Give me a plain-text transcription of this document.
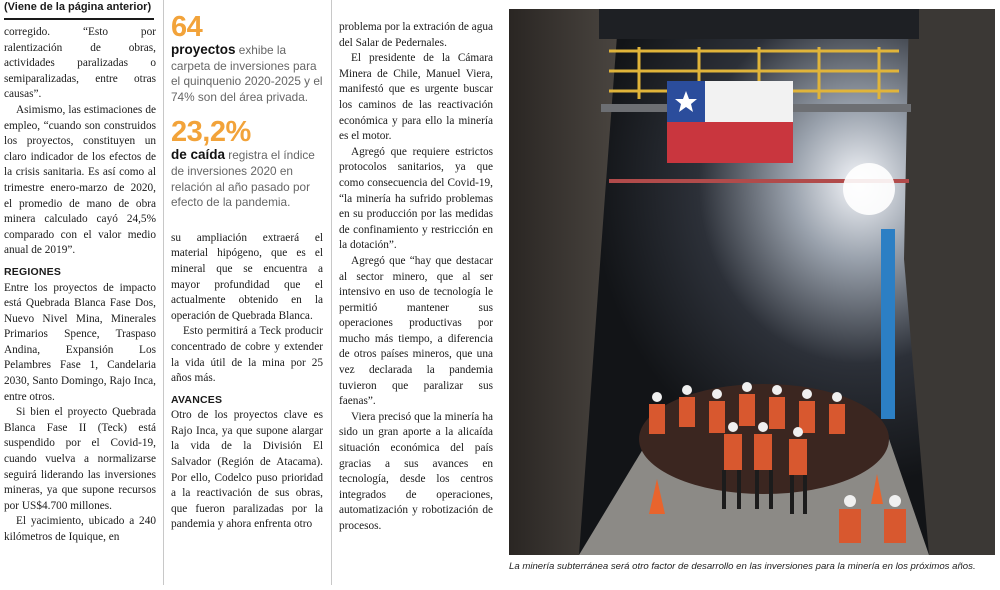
(Viene de la página anterior)

corregido. “Esto por ralentización de obras, actividades paralizadas o semiparalizadas, entre otras causas”.

Asimismo, las estimaciones de empleo, “cuando son construidos los proyectos, constituyen un claro indicador de los efectos de la crisis sanitaria. Es así como al trimestre enero-marzo de 2020, el promedio de mano de obra minera calculado cayó 24,5% comparado con el valor medio anual de 2019”.

REGIONES

Entre los proyectos de impacto está Quebrada Blanca Fase Dos, Nuevo Nivel Mina, Minerales Primarios Spence, Traspaso Andina, Expansión Los Pelambres Fase 1, Candelaria 2030, Santo Domingo, Rajo Inca, entre otros.

Si bien el proyecto Quebrada Blanca Fase II (Teck) está suspendido por el Covid-19, cuando vuelva a normalizarse seguirá liderando las inversiones mineras, ya que supone recursos por US$4.700 millones.

El yacimiento, ubicado a 240 kilómetros de Iquique, en

64
proyectos exhibe la carpeta de inversiones para el quinquenio 2020-2025 y el 74% son del área privada.
23,2%
de caída registra el índice de inversiones 2020 en relación al año pasado por efecto de la pandemia.

su ampliación extraerá el material hipógeno, que es el mineral que se encuentra a mayor profundidad que el actualmente obtenido en la operación de Quebrada Blanca.

Esto permitirá a Teck producir concentrado de cobre y extender la vida útil de la mina por 25 años más.

AVANCES

Otro de los proyectos clave es Rajo Inca, ya que supone alargar la vida de la División El Salvador (Región de Atacama). Por ello, Codelco puso prioridad a la reactivación de sus obras, que fueron paralizadas por la pandemia y ahora enfrenta otro

problema por la extración de agua del Salar de Pedernales.

El presidente de la Cámara Minera de Chile, Manuel Viera, manifestó que es urgente buscar los caminos de las reactivación económica y para ello la minería es el motor.

Agregó que requiere estrictos protocolos sanitarios, ya que como consecuencia del Covid-19, “la minería ha sufrido problemas en su producción por las medidas de confinamiento y restricción en la dotación”.

Agregó que “hay que destacar al sector minero, que al ser intensivo en uso de tecnología le permitió mantener sus operaciones productivas por mucho más tiempo, a diferencia de otros países mineros, que una vez declarada la pandemia tuvieron que paralizar sus faenas”.

Viera precisó que la minería ha sido un gran aporte a la alicaída situación económica del país gracias a sus avances en tecnología, desde los centros integrados de operaciones, automatización y robotización de procesos.

La minería subterránea será otro factor de desarrollo en las inversiones para la minería en los próximos años.
